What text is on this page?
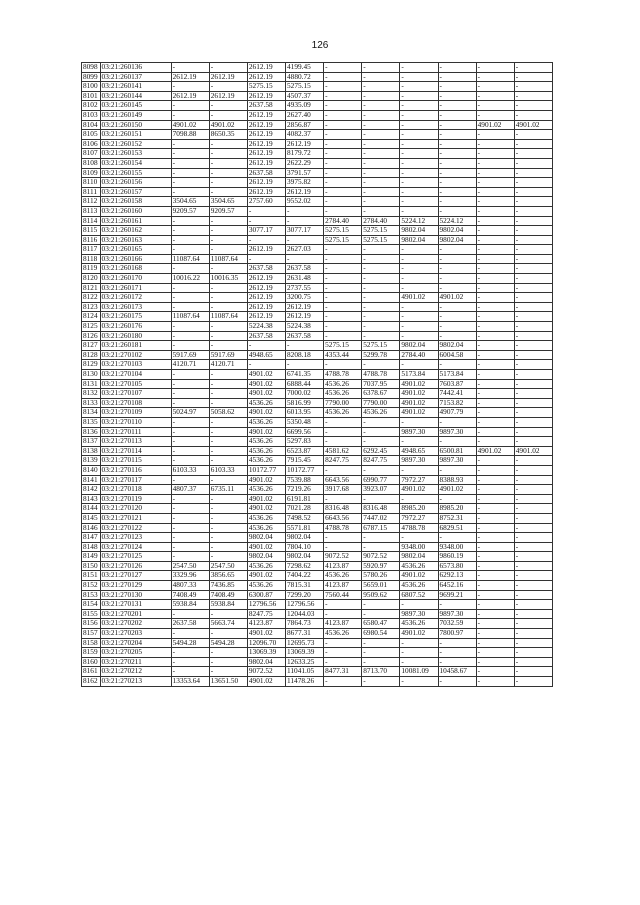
126
8098	03:21:260136	-	-	2612.19	4199.45	-	-	-	-	-	-
8099	03:21:260137	2612.19	2612.19	2612.19	4880.72	-	-	-	-	-	-
8100	03:21:260141	-	-	5275.15	5275.15	-	-	-	-	-	-
8101	03:21:260144	2612.19	2612.19	2612.19	4507.37	-	-	-	-	-	-
8102	03:21:260145	-	-	2637.58	4935.09	-	-	-	-	-	-
8103	03:21:260149	-	-	2612.19	2627.40	-	-	-	-	-	-
8104	03:21:260150	4901.02	4901.02	2612.19	2856.87	-	-	-	-	4901.02	4901.02
8105	03:21:260151	7098.88	8650.35	2612.19	4082.37	-	-	-	-	-	-
8106	03:21:260152	-	-	2612.19	2612.19	-	-	-	-	-	-
8107	03:21:260153	-	-	2612.19	8179.72	-	-	-	-	-	-
8108	03:21:260154	-	-	2612.19	2622.29	-	-	-	-	-	-
8109	03:21:260155	-	-	2637.58	3791.57	-	-	-	-	-	-
8110	03:21:260156	-	-	2612.19	3975.82	-	-	-	-	-	-
8111	03:21:260157	-	-	2612.19	2612.19	-	-	-	-	-	-
8112	03:21:260158	3504.65	3504.65	2757.60	9552.02	-	-	-	-	-	-
8113	03:21:260160	9209.57	9209.57	-	-	-	-	-	-	-	-
8114	03:21:260161	-	-	-	-	2784.40	2784.40	5224.12	5224.12	-	-
8115	03:21:260162	-	-	3077.17	3077.17	5275.15	5275.15	9802.04	9802.04	-	-
8116	03:21:260163	-	-	-	-	5275.15	5275.15	9802.04	9802.04	-	-
8117	03:21:260165	-	-	2612.19	2627.03	-	-	-	-	-	-
8118	03:21:260166	11087.64	11087.64	-	-	-	-	-	-	-	-
8119	03:21:260168	-	-	2637.58	2637.58	-	-	-	-	-	-
8120	03:21:260170	10016.22	10016.35	2612.19	2631.48	-	-	-	-	-	-
8121	03:21:260171	-	-	2612.19	2737.55	-	-	-	-	-	-
8122	03:21:260172	-	-	2612.19	3200.75	-	-	4901.02	4901.02	-	-
8123	03:21:260173	-	-	2612.19	2612.19	-	-	-	-	-	-
8124	03:21:260175	11087.64	11087.64	2612.19	2612.19	-	-	-	-	-	-
8125	03:21:260176	-	-	5224.38	5224.38	-	-	-	-	-	-
8126	03:21:260180	-	-	2637.58	2637.58	-	-	-	-	-	-
8127	03:21:260181	-	-	-	-	5275.15	5275.15	9802.04	9802.04	-	-
8128	03:21:270102	5917.69	5917.69	4948.65	8208.18	4353.44	5299.78	2784.40	6004.58	-	-
8129	03:21:270103	4120.71	4120.71	-	-	-	-	-	-	-	-
8130	03:21:270104	-	-	4901.02	6741.35	4788.78	4788.78	5173.84	5173.84	-	-
8131	03:21:270105	-	-	4901.02	6888.44	4536.26	7037.95	4901.02	7603.87	-	-
8132	03:21:270107	-	-	4901.02	7000.02	4536.26	6378.67	4901.02	7442.41	-	-
8133	03:21:270108	-	-	4536.26	5816.99	7790.00	7790.00	4901.02	7153.82	-	-
8134	03:21:270109	5024.97	5058.62	4901.02	6013.95	4536.26	4536.26	4901.02	4907.79	-	-
8135	03:21:270110	-	-	4536.26	5350.48	-	-	-	-	-	-
8136	03:21:270111	-	-	4901.02	6699.56	-	-	9897.30	9897.30	-	-
8137	03:21:270113	-	-	4536.26	5297.83	-	-	-	-	-	-
8138	03:21:270114	-	-	4536.26	6523.87	4581.62	6292.45	4948.65	6500.81	4901.02	4901.02
8139	03:21:270115	-	-	4536.26	7915.45	8247.75	8247.75	9897.30	9897.30	-	-
8140	03:21:270116	6103.33	6103.33	10172.77	10172.77	-	-	-	-	-	-
8141	03:21:270117	-	-	4901.02	7539.88	6643.56	6990.77	7972.27	8388.93	-	-
8142	03:21:270118	4807.37	6735.11	4536.26	7219.26	3917.68	3923.07	4901.02	4901.02	-	-
8143	03:21:270119	-	-	4901.02	6191.81	-	-	-	-	-	-
8144	03:21:270120	-	-	4901.02	7021.28	8316.48	8316.48	8985.20	8985.20	-	-
8145	03:21:270121	-	-	4536.26	7498.52	6643.56	7447.02	7972.27	8752.31	-	-
8146	03:21:270122	-	-	4536.26	5571.81	4788.78	6787.15	4788.78	6829.51	-	-
8147	03:21:270123	-	-	9802.04	9802.04	-	-	-	-	-	-
8148	03:21:270124	-	-	4901.02	7804.10	-	-	9348.00	9348.00	-	-
8149	03:21:270125	-	-	9802.04	9802.04	9072.52	9072.52	9802.04	9860.19	-	-
8150	03:21:270126	2547.50	2547.50	4536.26	7298.62	4123.87	5920.97	4536.26	6573.80	-	-
8151	03:21:270127	3329.96	3856.65	4901.02	7404.22	4536.26	5780.26	4901.02	6292.13	-	-
8152	03:21:270129	4807.33	7436.85	4536.26	7815.31	4123.87	5659.01	4536.26	6452.16	-	-
8153	03:21:270130	7408.49	7408.49	6300.87	7299.20	7560.44	9509.62	6807.52	9699.21	-	-
8154	03:21:270131	5938.84	5938.84	12796.56	12796.56	-	-	-	-	-	-
8155	03:21:270201	-	-	8247.75	12044.03	-	-	9897.30	9897.30	-	-
8156	03:21:270202	2637.58	5663.74	4123.87	7864.73	4123.87	6580.47	4536.26	7032.59	-	-
8157	03:21:270203	-	-	4901.02	8677.31	4536.26	6980.54	4901.02	7800.97	-	-
8158	03:21:270204	5494.28	5494.28	12096.70	12695.73	-	-	-	-	-	-
8159	03:21:270205	-	-	13069.39	13069.39	-	-	-	-	-	-
8160	03:21:270211	-	-	9802.04	12633.25	-	-	-	-	-	-
8161	03:21:270212	-	-	9072.52	11041.05	8477.31	8713.70	10081.09	10458.67	-	-
8162	03:21:270213	13353.64	13651.50	4901.02	11478.26	-	-	-	-	-	-
